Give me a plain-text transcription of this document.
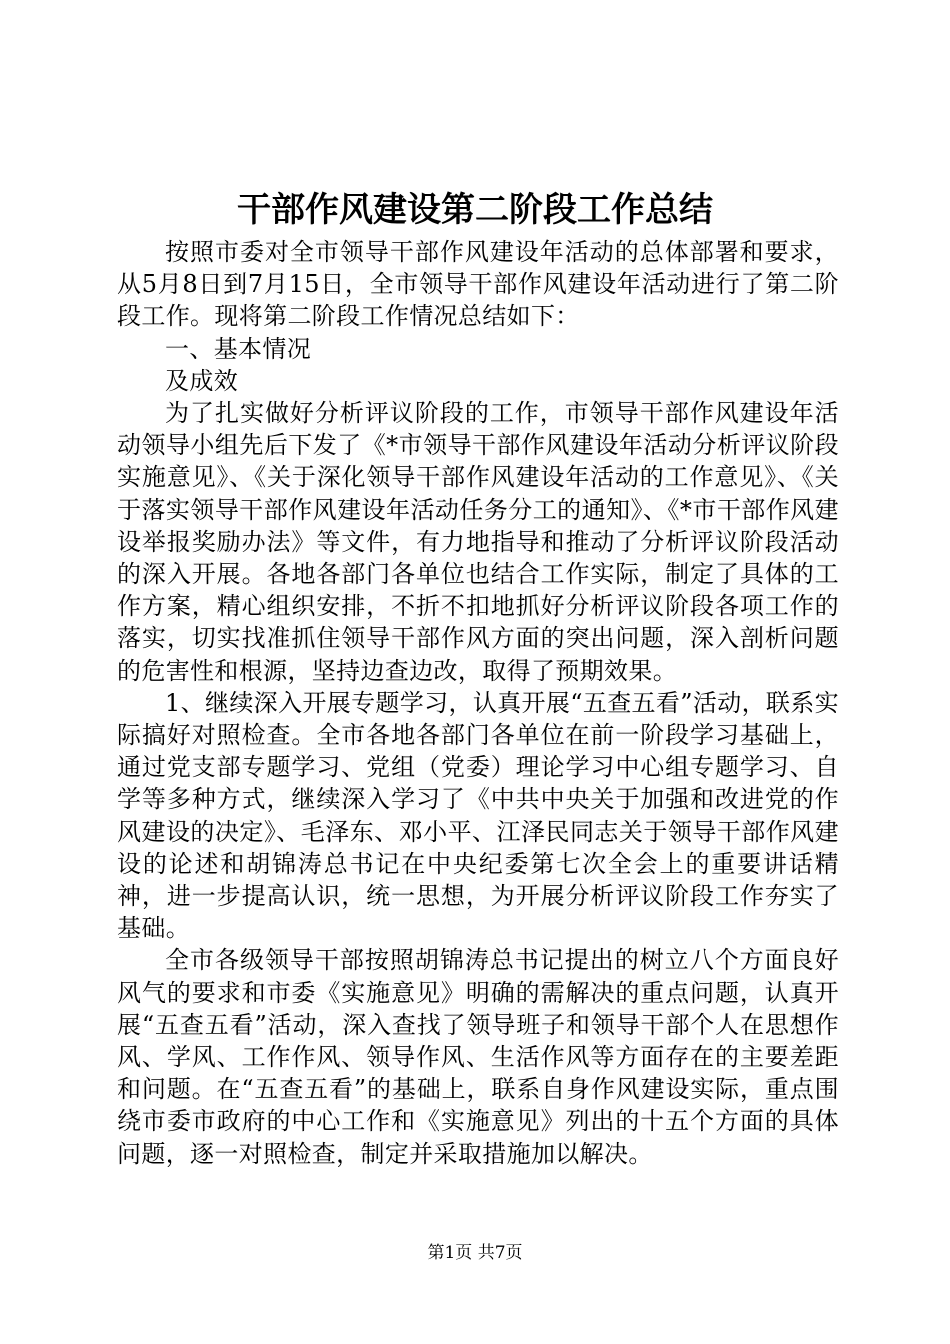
干部作风建设第二阶段工作总结

按照市委对全市领导干部作风建设年活动的总体部署和要求，从5月8日到7月15日，全市领导干部作风建设年活动进行了第二阶段工作。现将第二阶段工作情况总结如下：

一、基本情况

及成效

为了扎实做好分析评议阶段的工作，市领导干部作风建设年活动领导小组先后下发了《*市领导干部作风建设年活动分析评议阶段实施意见》、《关于深化领导干部作风建设年活动的工作意见》、《关于落实领导干部作风建设年活动任务分工的通知》、《*市干部作风建设举报奖励办法》等文件，有力地指导和推动了分析评议阶段活动的深入开展。各地各部门各单位也结合工作实际，制定了具体的工作方案，精心组织安排，不折不扣地抓好分析评议阶段各项工作的落实，切实找准抓住领导干部作风方面的突出问题，深入剖析问题的危害性和根源，坚持边查边改，取得了预期效果。

1、继续深入开展专题学习，认真开展“五查五看”活动，联系实际搞好对照检查。全市各地各部门各单位在前一阶段学习基础上，通过党支部专题学习、党组（党委）理论学习中心组专题学习、自学等多种方式，继续深入学习了《中共中央关于加强和改进党的作风建设的决定》、毛泽东、邓小平、江泽民同志关于领导干部作风建设的论述和胡锦涛总书记在中央纪委第七次全会上的重要讲话精神，进一步提高认识，统一思想，为开展分析评议阶段工作夯实了基础。

全市各级领导干部按照胡锦涛总书记提出的树立八个方面良好风气的要求和市委《实施意见》明确的需解决的重点问题，认真开展“五查五看”活动，深入查找了领导班子和领导干部个人在思想作风、学风、工作作风、领导作风、生活作风等方面存在的主要差距和问题。在“五查五看”的基础上，联系自身作风建设实际，重点围绕市委市政府的中心工作和《实施意见》列出的十五个方面的具体问题，逐一对照检查，制定并采取措施加以解决。

第1页 共7页
